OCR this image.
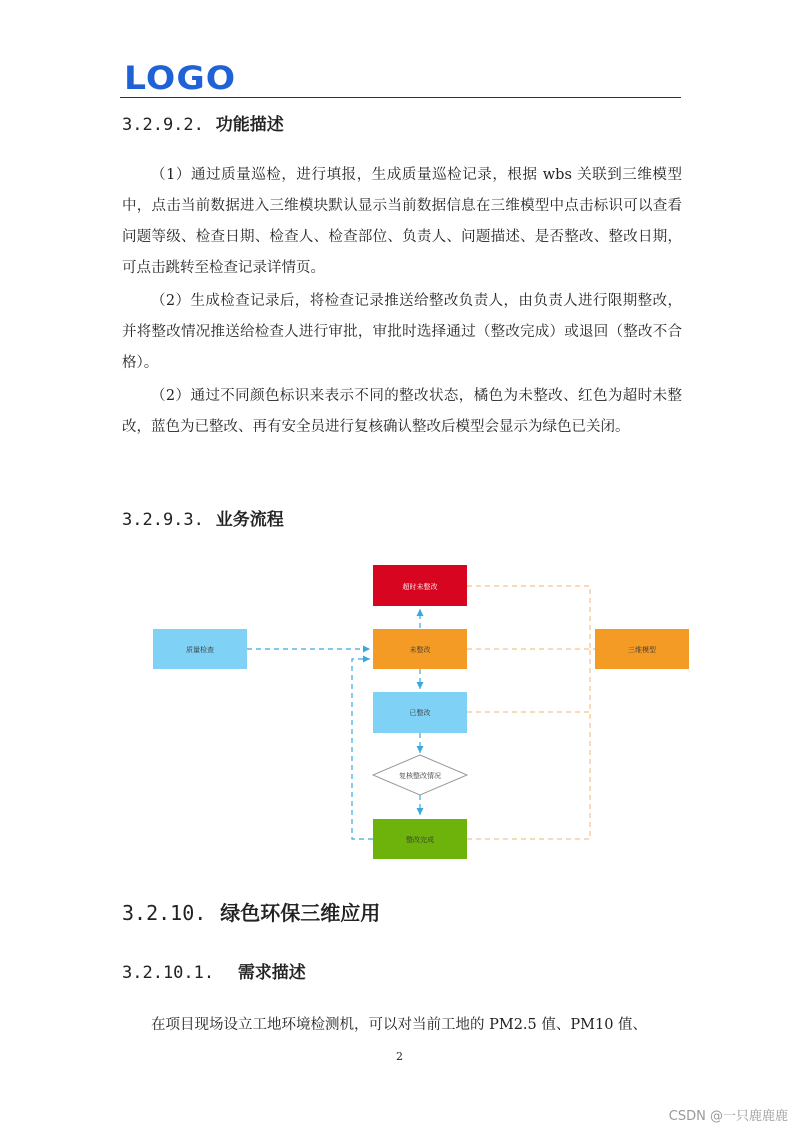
LOGO
3.2.9.2. 功能描述

（1）通过质量巡检，进行填报，生成质量巡检记录，根据 wbs 关联到三维模型中，点击当前数据进入三维模块默认显示当前数据信息在三维模型中点击标识可以查看问题等级、检查日期、检查人、检查部位、负责人、问题描述、是否整改、整改日期，可点击跳转至检查记录详情页。

（2）生成检查记录后，将检查记录推送给整改负责人，由负责人进行限期整改，并将整改情况推送给检查人进行审批，审批时选择通过（整改完成）或退回（整改不合格）。

（2）通过不同颜色标识来表示不同的整改状态，橘色为未整改、红色为超时未整改，蓝色为已整改、再有安全员进行复核确认整改后模型会显示为绿色已关闭。

3.2.9.3. 业务流程
超时未整改
质量检查	未整改	三维模型
已整改
复核整改情况
整改完成
3.2.10. 绿色环保三维应用
3.2.10.1. 需求描述

在项目现场设立工地环境检测机，可以对当前工地的 PM2.5 值、PM10 值、

2
CSDN @一只鹿鹿鹿
